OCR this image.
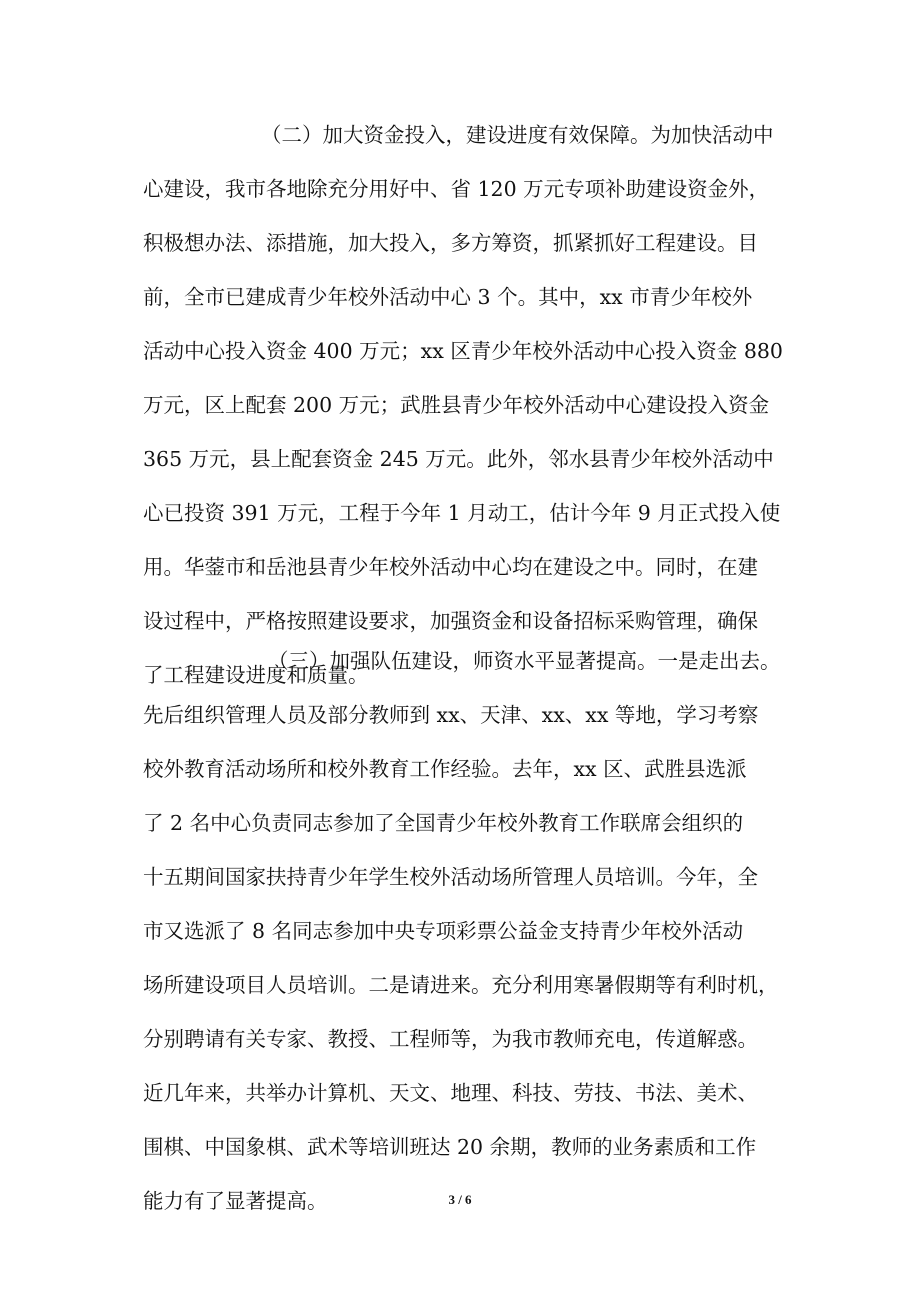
（二）加大资金投入，建设进度有效保障。为加快活动中
心建设，我市各地除充分用好中、省 120 万元专项补助建设资金外，
积极想办法、添措施，加大投入，多方筹资，抓紧抓好工程建设。目
前，全市已建成青少年校外活动中心 3 个。其中，xx 市青少年校外
活动中心投入资金 400 万元；xx 区青少年校外活动中心投入资金 880
万元，区上配套 200 万元；武胜县青少年校外活动中心建设投入资金
365 万元，县上配套资金 245 万元。此外，邻水县青少年校外活动中
心已投资 391 万元，工程于今年 1 月动工，估计今年 9 月正式投入使
用。华蓥市和岳池县青少年校外活动中心均在建设之中。同时，在建
设过程中，严格按照建设要求，加强资金和设备招标采购管理，确保
了工程建设进度和质量。
（三）加强队伍建设，师资水平显著提高。一是走出去。
先后组织管理人员及部分教师到 xx、天津、xx、xx 等地，学习考察
校外教育活动场所和校外教育工作经验。去年，xx 区、武胜县选派
了 2 名中心负责同志参加了全国青少年校外教育工作联席会组织的
十五期间国家扶持青少年学生校外活动场所管理人员培训。今年，全
市又选派了 8 名同志参加中央专项彩票公益金支持青少年校外活动
场所建设项目人员培训。二是请进来。充分利用寒暑假期等有利时机，
分别聘请有关专家、教授、工程师等，为我市教师充电，传道解惑。
近几年来，共举办计算机、天文、地理、科技、劳技、书法、美术、
围棋、中国象棋、武术等培训班达 20 余期，教师的业务素质和工作
能力有了显著提高。	3 / 6
